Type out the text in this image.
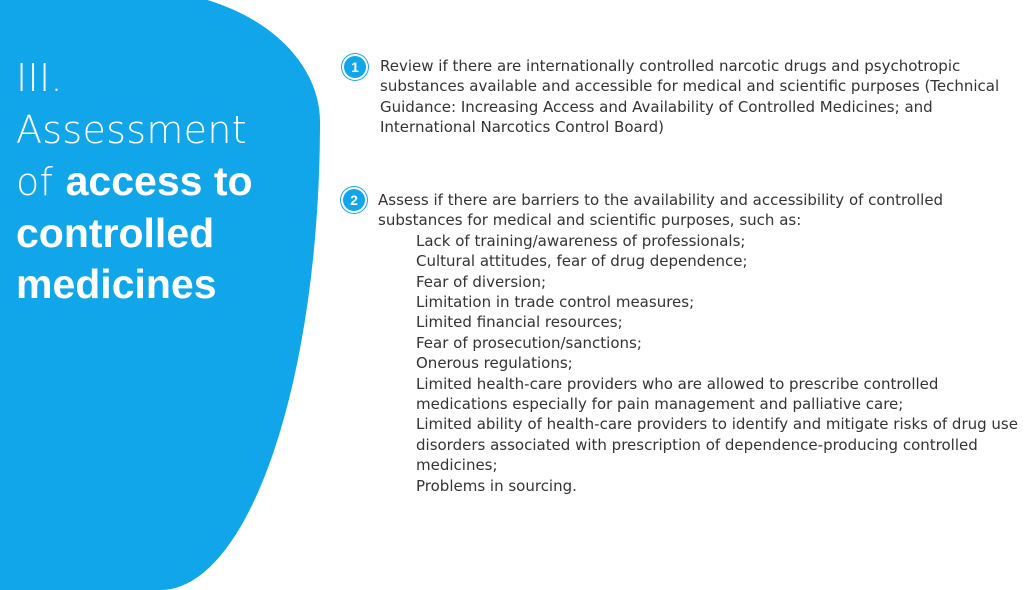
III.
Assessment
of access to controlled medicines
1	Review if there are internationally controlled narcotic drugs and psychotropic substances available and accessible for medical and scientific purposes (Technical Guidance: Increasing Access and Availability of Controlled Medicines; and International Narcotics Control Board)

2	Assess if there are barriers to the availability and accessibility of controlled substances for medical and scientific purposes, such as:

Lack of training/awareness of professionals;
Cultural attitudes, fear of drug dependence;
Fear of diversion;
Limitation in trade control measures;
Limited financial resources;
Fear of prosecution/sanctions;
Onerous regulations;
Limited health-care providers who are allowed to prescribe controlled medications especially for pain management and palliative care;
Limited ability of health-care providers to identify and mitigate risks of drug use disorders associated with prescription of dependence-producing controlled medicines;
Problems in sourcing.
